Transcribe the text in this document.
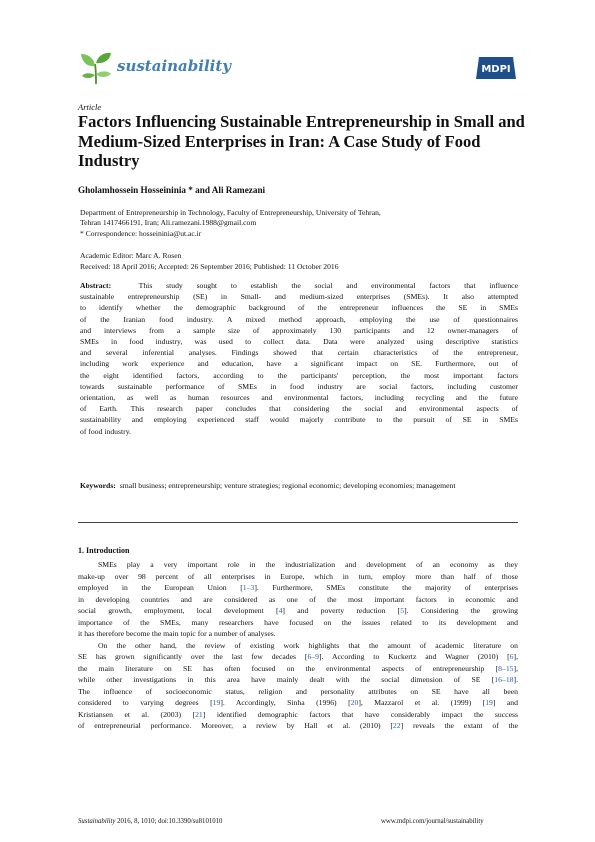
sustainability	MDPI
Article
Factors Influencing Sustainable Entrepreneurship in Small and Medium-Sized Enterprises in Iran: A Case Study of Food Industry
Gholamhossein Hosseininia * and Ali Ramezani
Department of Entrepreneurship in Technology, Faculty of Entrepreneurship, University of Tehran,
Tehran 1417466191, Iran; Ali.ramezani.1988@gmail.com
* Correspondence: hosseininia@ut.ac.ir
Academic Editor: Marc A. Rosen
Received: 18 April 2016; Accepted: 26 September 2016; Published: 11 October 2016
Abstract:	This study sought to establish the social and environmental factors that influence
sustainable entrepreneurship (SE) in Small- and medium-sized enterprises (SMEs). It also attempted
to identify whether the demographic background of the entrepreneur influences the SE in SMEs
of the Iranian food industry. A mixed method approach, employing the use of questionnaires
and interviews from a sample size of approximately 130 participants and 12 owner-managers of
SMEs in food industry, was used to collect data. Data were analyzed using descriptive statistics
and several inferential analyses. Findings showed that certain characteristics of the entrepreneur,
including work experience and education, have a significant impact on SE. Furthermore, out of
the eight identified factors, according to the participants' perception, the most important factors
towards sustainable performance of SMEs in food industry are social factors, including customer
orientation, as well as human resources and environmental factors, including recycling and the future
of Earth. This research paper concludes that considering the social and environmental aspects of
sustainability and employing experienced staff would majorly contribute to the pursuit of SE in SMEs
of food industry.
Keywords: small business; entrepreneurship; venture strategies; regional economic; developing economies; management
1. Introduction
SMEs play a very important role in the industrialization and development of an economy as they
make-up over 98 percent of all enterprises in Europe, which in turn, employ more than half of those
employed in the European Union [1–3]. Furthermore, SMEs constitute the majority of enterprises
in developing countries and are considered as one of the most important factors in economic and
social growth, employment, local development [4] and poverty reduction [5]. Considering the growing
importance of the SMEs, many researchers have focused on the issues related to its development and
it has therefore become the main topic for a number of analyses.
On the other hand, the review of existing work highlights that the amount of academic literature on
SE has grown significantly over the last few decades [6–9]. According to Kuckertz and Wagner (2010) [6],
the main literature on SE has often focused on the environmental aspects of entrepreneurship [8–15],
while other investigations in this area have mainly dealt with the social dimension of SE [16–18].
The influence of socioeconomic status, religion and personality attributes on SE have all been
considered to varying degrees [19]. Accordingly, Sinha (1996) [20], Mazzarol et al. (1999) [19] and
Kristiansen et al. (2003) [21] identified demographic factors that have considerably impact the success
of entrepreneurial performance. Moreover, a review by Hall et al. (2010) [22] reveals the extant of the
Sustainability 2016, 8, 1010; doi:10.3390/su8101010	www.mdpi.com/journal/sustainability
